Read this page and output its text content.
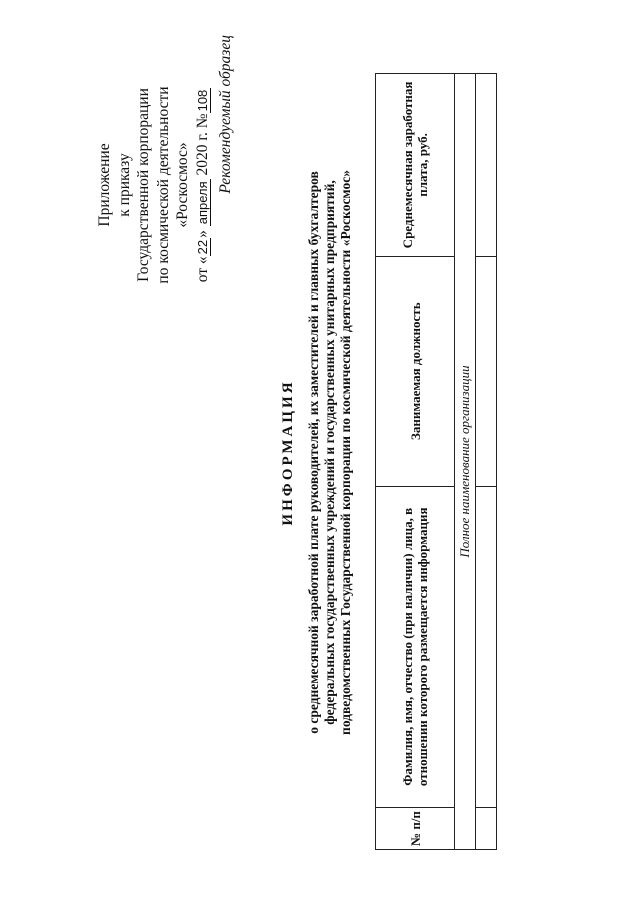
Приложение к приказу Государственной корпорации по космической деятельности «Роскосмос»
от «22» апреля 2020 г. №108 Рекомендуемый образец
ИНФОРМАЦИЯ о среднемесячной заработной плате руководителей, их заместителей и главных бухгалтеров федеральных государственных учреждений и государственных унитарных предприятий, подведомственных Государственной корпорации по космической деятельности «Роскосмос»
№ п/п	Фамилия, имя, отчество (при наличии) лица, в отношении которого размещается информация	Занимаемая должность	Среднемесячная заработная плата, руб.
Полное наименование организации			
